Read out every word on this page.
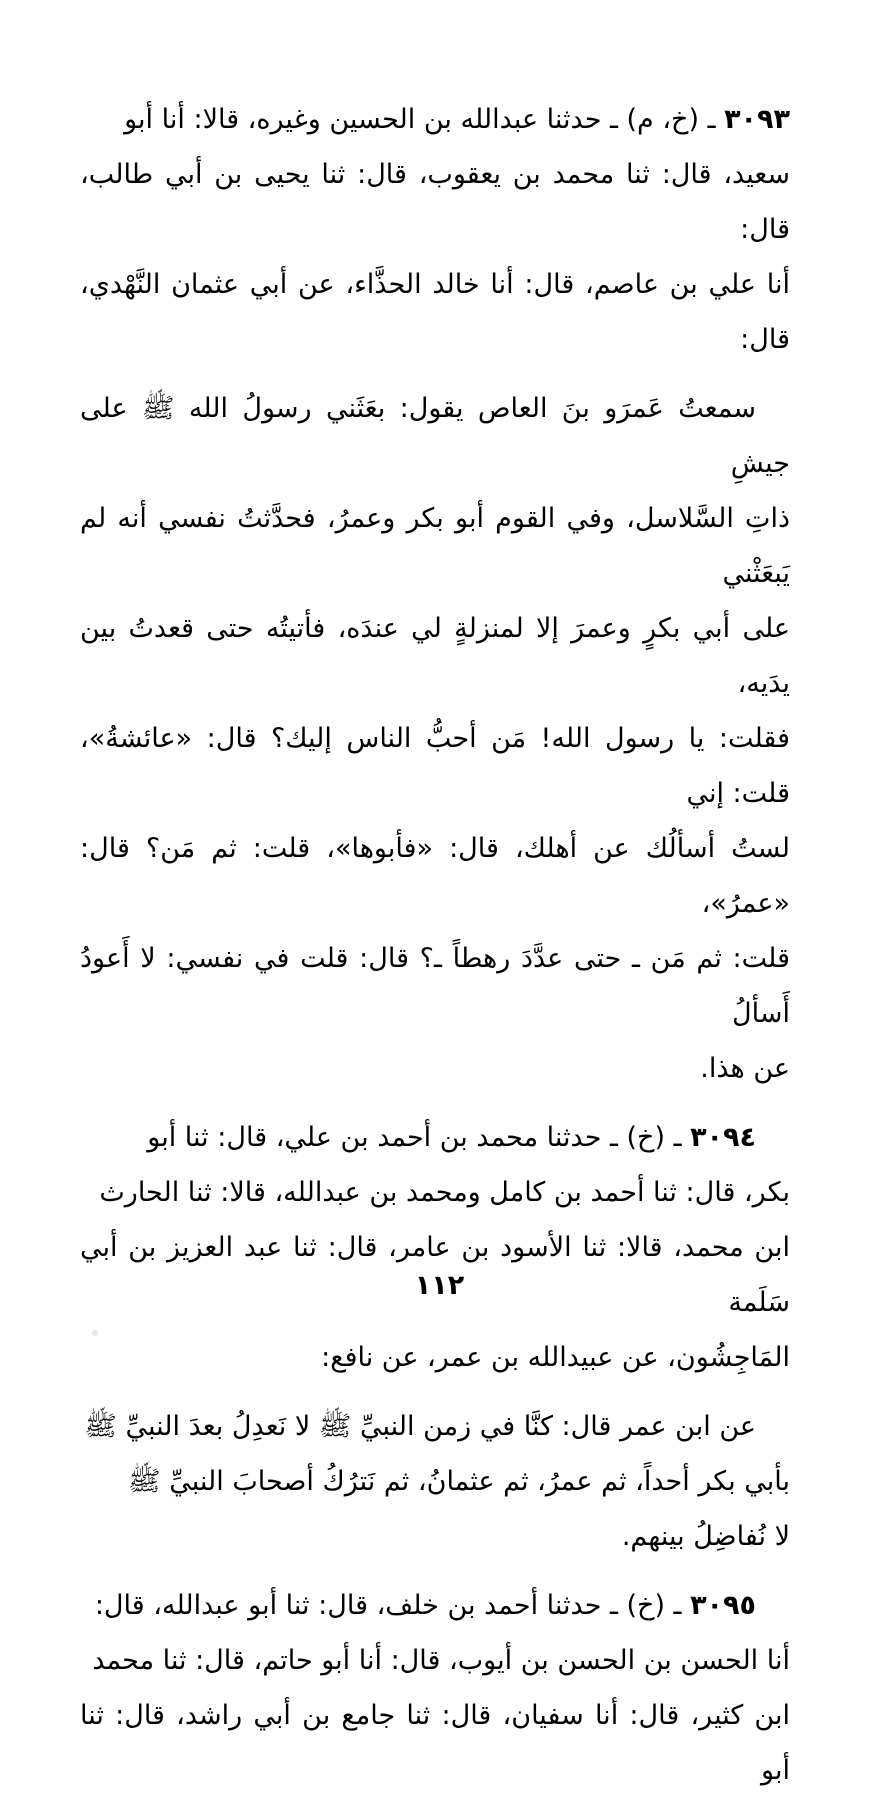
٣٠٩٣ ـ (خ، م) ـ حدثنا عبدالله بن الحسين وغيره، قالا: أنا أبو

سعيد، قال: ثنا محمد بن يعقوب، قال: ثنا يحيى بن أبي طالب، قال:

أنا علي بن عاصم، قال: أنا خالد الحذَّاء، عن أبي عثمان النَّهْدي، قال:

سمعتُ عَمرَو بنَ العاص يقول: بعَثَني رسولُ الله ﷺ على جيشِ

ذاتِ السَّلاسل، وفي القوم أبو بكر وعمرُ، فحدَّثتُ نفسي أنه لم يَبعَثْني

على أبي بكرٍ وعمرَ إلا لمنزلةٍ لي عندَه، فأتيتُه حتى قعدتُ بين يدَيه،

فقلت: يا رسول الله! مَن أحبُّ الناس إليك؟ قال: «عائشةُ»، قلت: إني

لستُ أسألُك عن أهلك، قال: «فأبوها»، قلت: ثم مَن؟ قال: «عمرُ»،

قلت: ثم مَن ـ حتى عدَّدَ رهطاً ـ؟ قال: قلت في نفسي: لا أَعودُ أَسألُ

عن هذا.

٣٠٩٤ ـ (خ) ـ حدثنا محمد بن أحمد بن علي، قال: ثنا أبو

بكر، قال: ثنا أحمد بن كامل ومحمد بن عبدالله، قالا: ثنا الحارث

ابن محمد، قالا: ثنا الأسود بن عامر، قال: ثنا عبد العزيز بن أبي سَلَمة

المَاجِشُون، عن عبيدالله بن عمر، عن نافع:

عن ابن عمر قال: كنَّا في زمن النبيِّ ﷺ لا نَعدِلُ بعدَ النبيِّ ﷺ

بأبي بكر أحداً، ثم عمرُ، ثم عثمانُ، ثم نَترُكُ أصحابَ النبيِّ ﷺ

لا نُفاضِلُ بينهم.

٣٠٩٥ ـ (خ) ـ حدثنا أحمد بن خلف، قال: ثنا أبو عبدالله، قال:

أنا الحسن بن الحسن بن أيوب، قال: أنا أبو حاتم، قال: ثنا محمد

ابن كثير، قال: أنا سفيان، قال: ثنا جامع بن أبي راشد، قال: ثنا أبو

١١٢
